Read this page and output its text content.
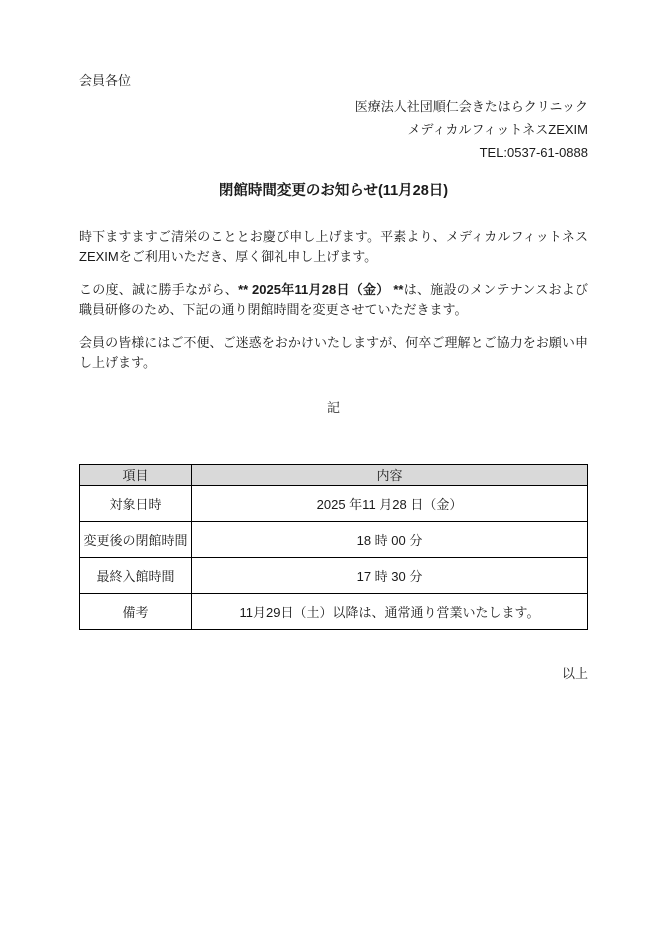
会員各位
医療法人社団順仁会きたはらクリニック
メディカルフィットネスZEXIM
TEL:0537-61-0888
閉館時間変更のお知らせ(11月28日)

時下ますますご清栄のこととお慶び申し上げます。平素より、メディカルフィットネスZEXIMをご利用いただき、厚く御礼申し上げます。

この度、誠に勝手ながら、** 2025年11月28日（金） **は、施設のメンテナンスおよび職員研修のため、下記の通り閉館時間を変更させていただきます。

会員の皆様にはご不便、ご迷惑をおかけいたしますが、何卒ご理解とご協力をお願い申し上げます。

記
項目	内容
対象日時	2025 年11 月28 日（金）
変更後の閉館時間	18 時 00 分
最終入館時間	17 時 30 分
備考	11月29日（土）以降は、通常通り営業いたします。
以上
